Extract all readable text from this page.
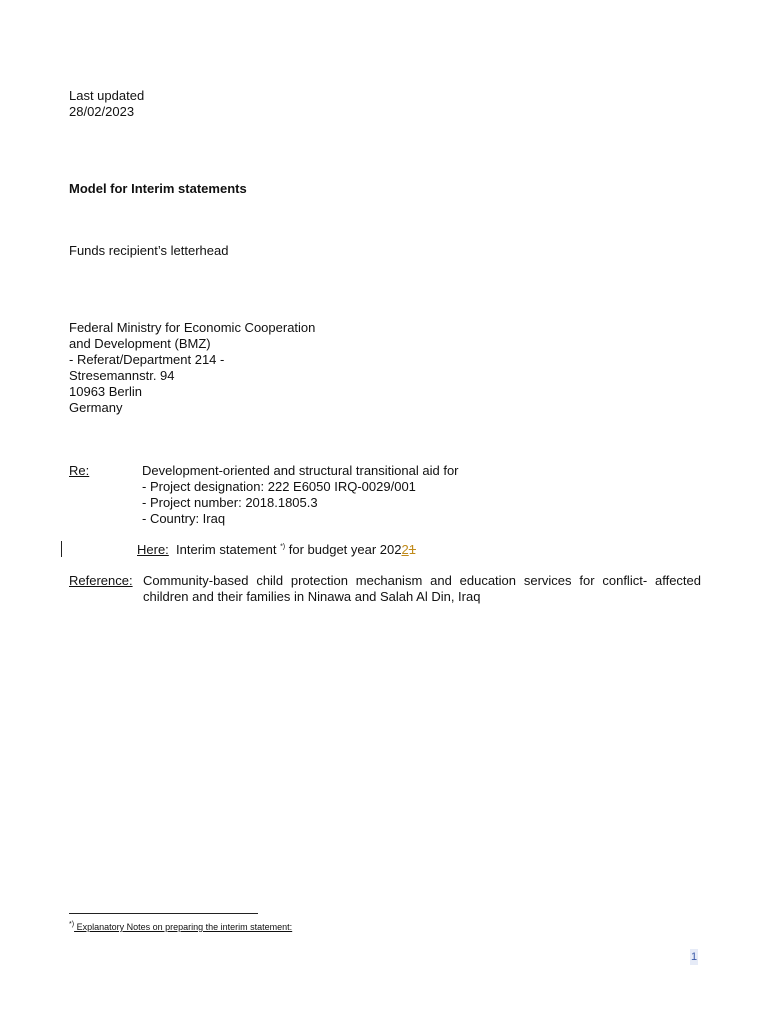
Last updated
28/02/2023
Model for Interim statements
Funds recipient’s letterhead
Federal Ministry for Economic Cooperation
and Development (BMZ)
- Referat/Department 214 -
Stresemannstr. 94
10963 Berlin
Germany
Re:	Development-oriented and structural transitional aid for
- Project designation: 222 E6050 IRQ-0029/001
- Project number: 2018.1805.3
- Country: Iraq
Here: Interim statement *) for budget year 20221
Reference: Community-based child protection mechanism and education services for conflict- affected children and their families in Ninawa and Salah Al Din, Iraq
*) Explanatory Notes on preparing the interim statement:
1
